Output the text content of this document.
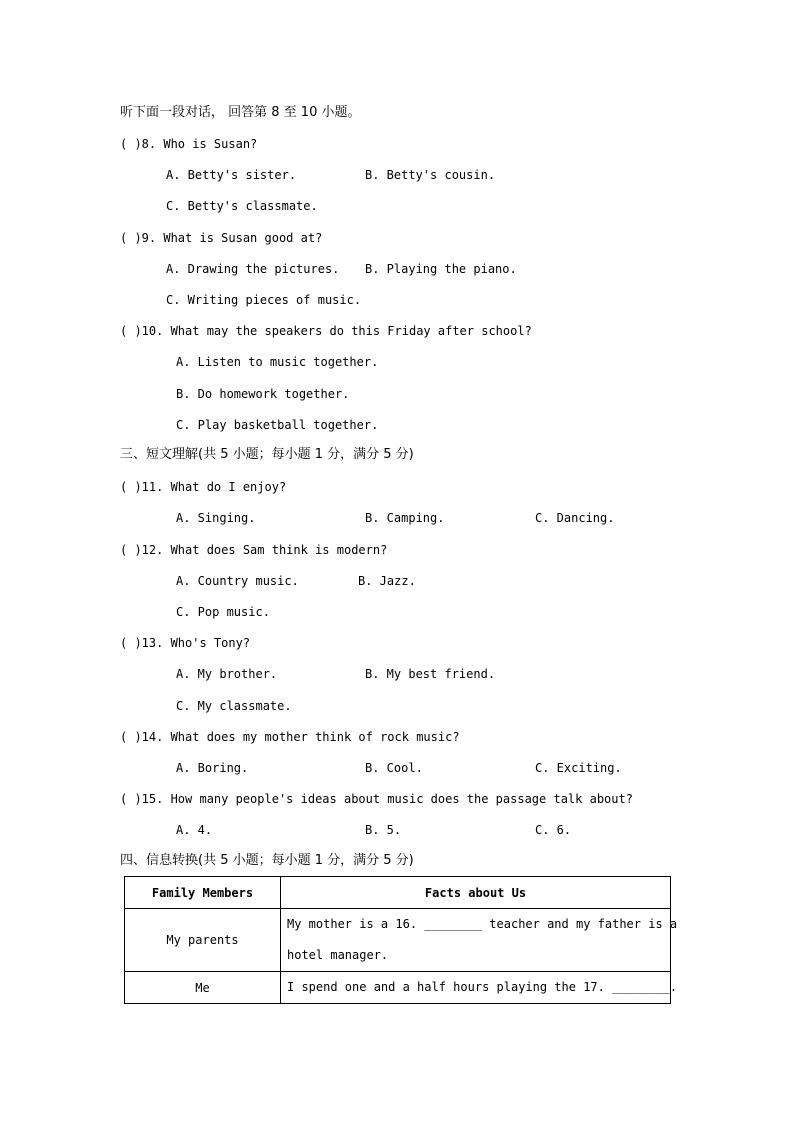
听下面一段对话， 回答第 8 至 10 小题。
( )8. Who is Susan?
A. Betty's sister.	B. Betty's cousin.
C. Betty's classmate.
( )9. What is Susan good at?
A. Drawing the pictures. B. Playing the piano.
C. Writing pieces of music.
( )10. What may the speakers do this Friday after school?
A. Listen to music together.
B. Do homework together.
C. Play basketball together.
三、短文理解(共 5 小题；每小题 1 分，满分 5 分)
( )11. What do I enjoy?
A. Singing.	B. Camping.	C. Dancing.
( )12. What does Sam think is modern?
A. Country music.	B. Jazz.
C. Pop music.
( )13. Who's Tony?
A. My brother.	B. My best friend.
C. My classmate.
( )14. What does my mother think of rock music?
A. Boring.	B. Cool.	C. Exciting.
( )15. How many people's ideas about music does the passage talk about?
A. 4.	B. 5.	C. 6.
四、信息转换(共 5 小题；每小题 1 分，满分 5 分)
Family Members	Facts about Us
My parents	My mother is a 16. ________ teacher and my father is a
hotel manager.

Me	I spend one and a half hours playing the 17. ________.
